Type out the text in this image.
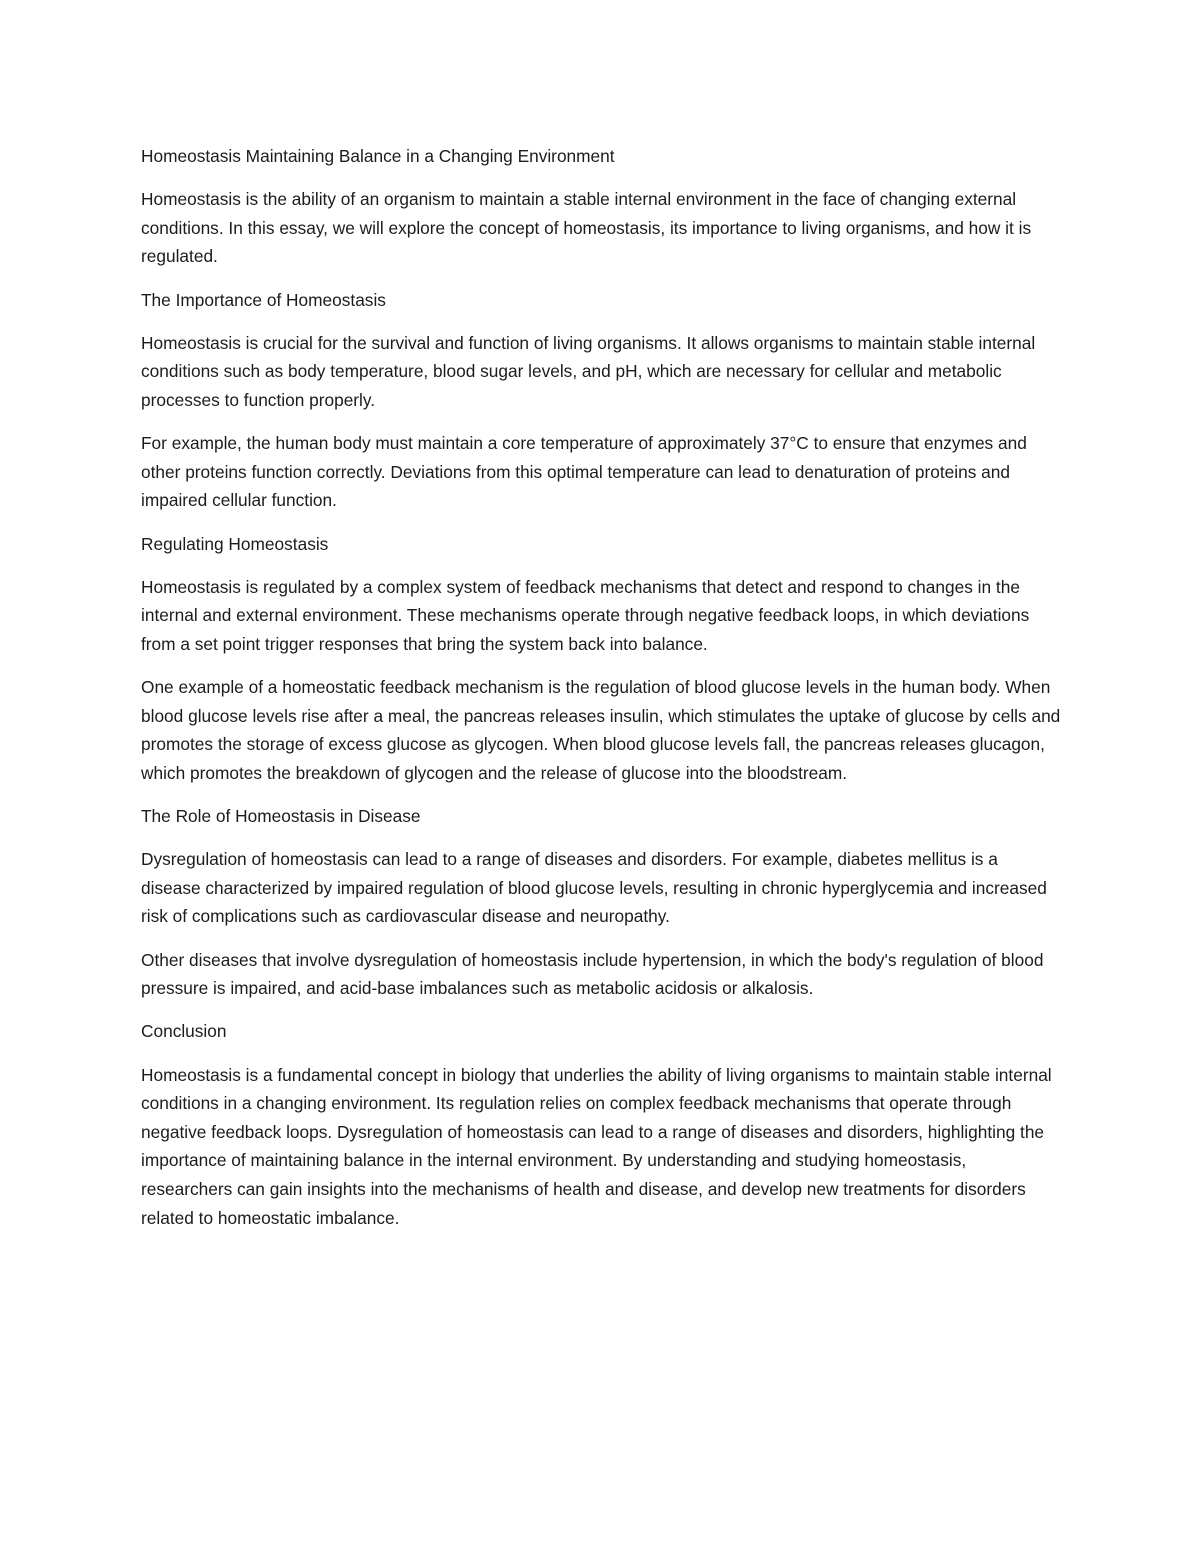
Homeostasis Maintaining Balance in a Changing Environment

Homeostasis is the ability of an organism to maintain a stable internal environment in the face of changing external conditions. In this essay, we will explore the concept of homeostasis, its importance to living organisms, and how it is regulated.

The Importance of Homeostasis

Homeostasis is crucial for the survival and function of living organisms. It allows organisms to maintain stable internal conditions such as body temperature, blood sugar levels, and pH, which are necessary for cellular and metabolic processes to function properly.

For example, the human body must maintain a core temperature of approximately 37°C to ensure that enzymes and other proteins function correctly. Deviations from this optimal temperature can lead to denaturation of proteins and impaired cellular function.

Regulating Homeostasis

Homeostasis is regulated by a complex system of feedback mechanisms that detect and respond to changes in the internal and external environment. These mechanisms operate through negative feedback loops, in which deviations from a set point trigger responses that bring the system back into balance.

One example of a homeostatic feedback mechanism is the regulation of blood glucose levels in the human body. When blood glucose levels rise after a meal, the pancreas releases insulin, which stimulates the uptake of glucose by cells and promotes the storage of excess glucose as glycogen. When blood glucose levels fall, the pancreas releases glucagon, which promotes the breakdown of glycogen and the release of glucose into the bloodstream.

The Role of Homeostasis in Disease

Dysregulation of homeostasis can lead to a range of diseases and disorders. For example, diabetes mellitus is a disease characterized by impaired regulation of blood glucose levels, resulting in chronic hyperglycemia and increased risk of complications such as cardiovascular disease and neuropathy.

Other diseases that involve dysregulation of homeostasis include hypertension, in which the body's regulation of blood pressure is impaired, and acid-base imbalances such as metabolic acidosis or alkalosis.

Conclusion

Homeostasis is a fundamental concept in biology that underlies the ability of living organisms to maintain stable internal conditions in a changing environment. Its regulation relies on complex feedback mechanisms that operate through negative feedback loops. Dysregulation of homeostasis can lead to a range of diseases and disorders, highlighting the importance of maintaining balance in the internal environment. By understanding and studying homeostasis, researchers can gain insights into the mechanisms of health and disease, and develop new treatments for disorders related to homeostatic imbalance.
